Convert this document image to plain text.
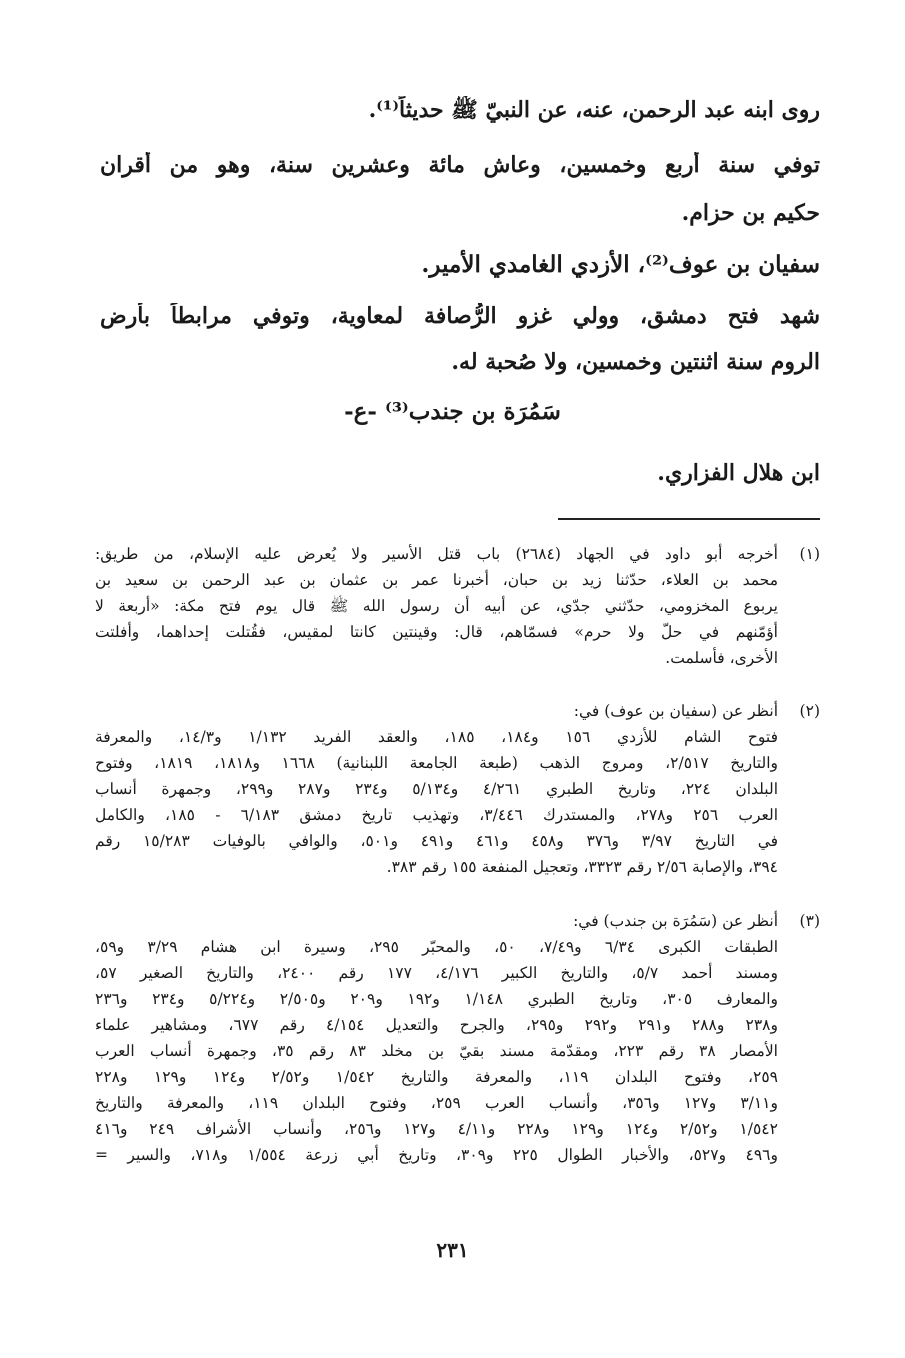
روى ابنه عبد الرحمن، عنه، عن النبيّ ﷺ حديثاً⁽¹⁾.
توفي سنة أربع وخمسين، وعاش مائة وعشرين سنة، وهو من أقران
حكيم بن حزام.
سفيان بن عوف⁽²⁾، الأزدي الغامدي الأمير.
شهد فتح دمشق، وولي غزو الرُّصافة لمعاوية، وتوفي مرابطاً بأرض
الروم سنة اثنتين وخمسين، ولا صُحبة له.
سَمُرَة بن جندب⁽³⁾ -ع-
ابن هلال الفزاري.
(١)
أخرجه أبو داود في الجهاد (٢٦٨٤) باب قتل الأسير ولا يُعرض عليه الإسلام، من طريق:
محمد بن العلاء، حدّثنا زيد بن حبان، أخبرنا عمر بن عثمان بن عبد الرحمن بن سعيد بن
يربوع المخزومي، حدّثني جدّي، عن أبيه أن رسول الله ﷺ قال يوم فتح مكة: «أربعة لا
أؤمّنهم في حلّ ولا حرم» فسمّاهم، قال: وقينتين كانتا لمقيس، فقُتلت إحداهما، وأفلتت
الأخرى، فأسلمت.
(٢)
أنظر عن (سفيان بن عوف) في:
فتوح الشام للأزدي ١٥٦ و١٨٤، ١٨٥، والعقد الفريد ١/١٣٢ و١٤/٣، والمعرفة
والتاريخ ٢/٥١٧، ومروج الذهب (طبعة الجامعة اللبنانية) ١٦٦٨ و١٨١٨، ١٨١٩، وفتوح
البلدان ٢٢٤، وتاريخ الطبري ٤/٢٦١ و٥/١٣٤ و٢٣٤ و٢٨٧ و٢٩٩، وجمهرة أنساب
العرب ٢٥٦ و٢٧٨، والمستدرك ٣/٤٤٦، وتهذيب تاريخ دمشق ٦/١٨٣ - ١٨٥، والكامل
في التاريخ ٣/٩٧ و٣٧٦ و٤٥٨ و٤٦١ و٤٩١ و٥٠١، والوافي بالوفيات ١٥/٢٨٣ رقم
٣٩٤، والإصابة ٢/٥٦ رقم ٣٣٢٣، وتعجيل المنفعة ١٥٥ رقم ٣٨٣.
(٣)
أنظر عن (سَمُرَة بن جندب) في:
الطبقات الكبرى ٦/٣٤ و٧/٤٩، ٥٠، والمحبّر ٢٩٥، وسيرة ابن هشام ٣/٢٩ و٥٩،
ومسند أحمد ٥/٧، والتاريخ الكبير ٤/١٧٦، ١٧٧ رقم ٢٤٠٠، والتاريخ الصغير ٥٧،
والمعارف ٣٠٥، وتاريخ الطبري ١/١٤٨ و١٩٢ و٢٠٩ و٢/٥٠٥ و٥/٢٢٤ و٢٣٤ و٢٣٦
و٢٣٨ و٢٨٨ و٢٩١ و٢٩٢ و٢٩٥، والجرح والتعديل ٤/١٥٤ رقم ٦٧٧، ومشاهير علماء
الأمصار ٣٨ رقم ٢٢٣، ومقدّمة مسند بقيّ بن مخلد ٨٣ رقم ٣٥، وجمهرة أنساب العرب
٢٥٩، وفتوح البلدان ١١٩، والمعرفة والتاريخ ١/٥٤٢ و٢/٥٢ و١٢٤ و١٢٩ و٢٢٨
و٣/١١ و١٢٧ و٣٥٦، وأنساب العرب ٢٥٩، وفتوح البلدان ١١٩، والمعرفة والتاريخ
١/٥٤٢ و٢/٥٢ و١٢٤ و١٢٩ و٢٢٨ و٤/١١ و١٢٧ و٢٥٦، وأنساب الأشراف ٢٤٩ و٤١٦
و٤٩٦ و٥٢٧، والأخبار الطوال ٢٢٥ و٣٠٩، وتاريخ أبي زرعة ١/٥٥٤ و٧١٨، والسير =
٢٣١
